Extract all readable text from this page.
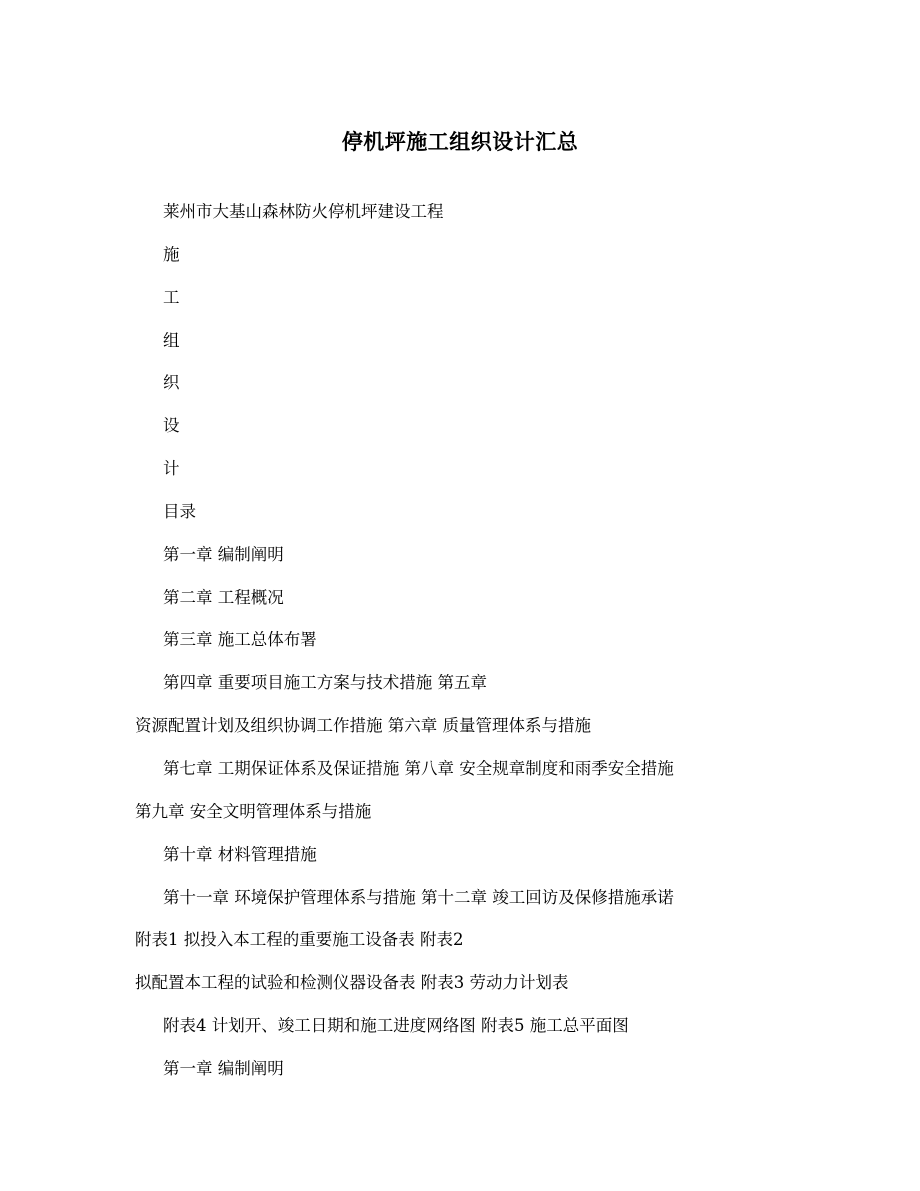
停机坪施工组织设计汇总
莱州市大基山森林防火停机坪建设工程
施
工
组
织
设
计
目录
第一章 编制阐明
第二章 工程概况
第三章 施工总体布署
第四章 重要项目施工方案与技术措施 第五章
资源配置计划及组织协调工作措施 第六章 质量管理体系与措施
第七章 工期保证体系及保证措施 第八章 安全规章制度和雨季安全措施
第九章 安全文明管理体系与措施
第十章 材料管理措施
第十一章 环境保护管理体系与措施 第十二章 竣工回访及保修措施承诺
附表1 拟投入本工程的重要施工设备表 附表2
拟配置本工程的试验和检测仪器设备表 附表3 劳动力计划表
附表4 计划开、竣工日期和施工进度网络图 附表5 施工总平面图
第一章 编制阐明
